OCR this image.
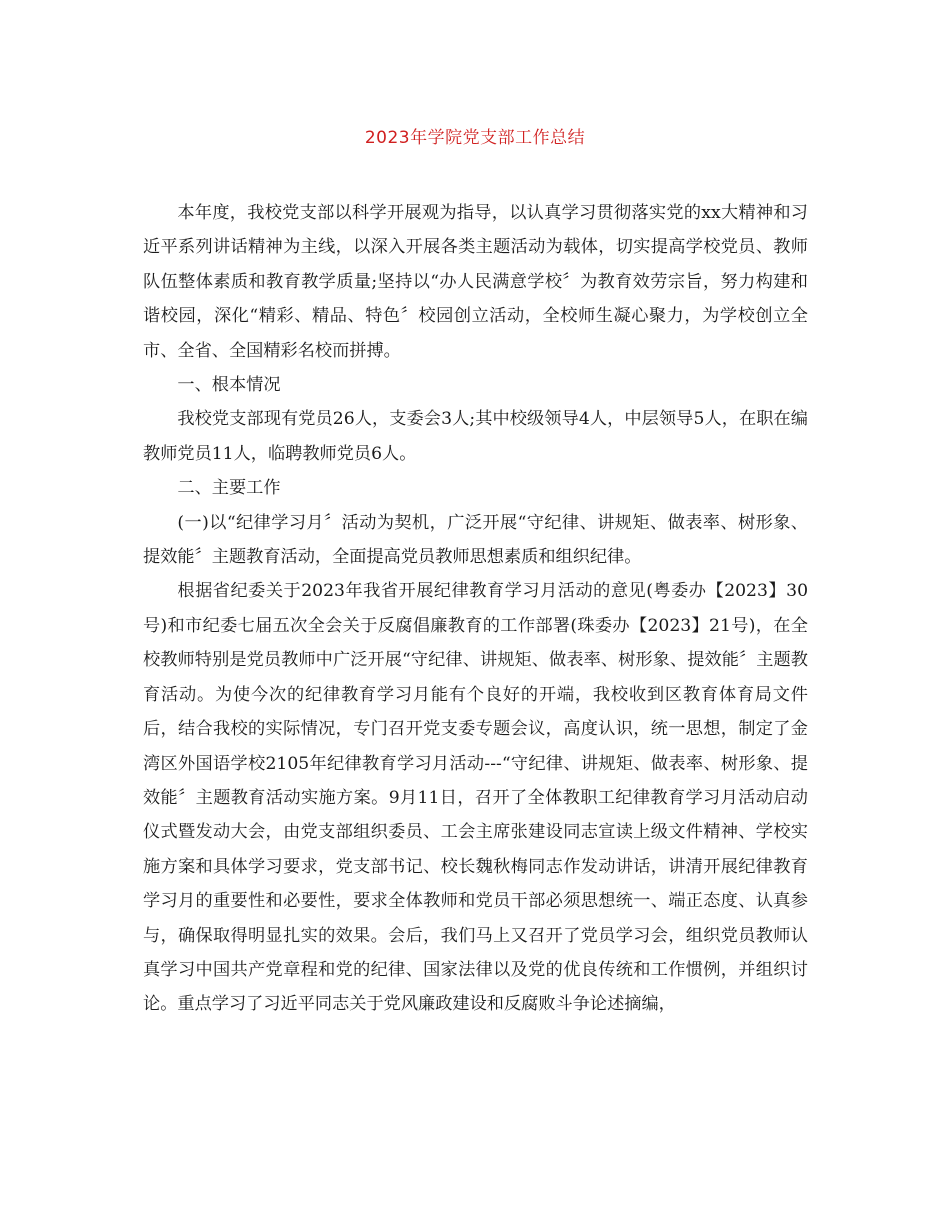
2023年学院党支部工作总结

本年度，我校党支部以科学开展观为指导，以认真学习贯彻落实党的xx大精神和习近平系列讲话精神为主线，以深入开展各类主题活动为载体，切实提高学校党员、教师队伍整体素质和教育教学质量;坚持以“办人民满意学校〞为教育效劳宗旨，努力构建和谐校园，深化“精彩、精品、特色〞校园创立活动，全校师生凝心聚力，为学校创立全市、全省、全国精彩名校而拼搏。

一、根本情况

我校党支部现有党员26人，支委会3人;其中校级领导4人，中层领导5人，在职在编教师党员11人，临聘教师党员6人。

二、主要工作

(一)以“纪律学习月〞活动为契机，广泛开展“守纪律、讲规矩、做表率、树形象、提效能〞主题教育活动，全面提高党员教师思想素质和组织纪律。

根据省纪委关于2023年我省开展纪律教育学习月活动的意见(粤委办【2023】30号)和市纪委七届五次全会关于反腐倡廉教育的工作部署(珠委办【2023】21号)，在全校教师特别是党员教师中广泛开展“守纪律、讲规矩、做表率、树形象、提效能〞主题教育活动。为使今次的纪律教育学习月能有个良好的开端，我校收到区教育体育局文件后，结合我校的实际情况，专门召开党支委专题会议，高度认识，统一思想，制定了金湾区外国语学校2105年纪律教育学习月活动---“守纪律、讲规矩、做表率、树形象、提效能〞主题教育活动实施方案。9月11日，召开了全体教职工纪律教育学习月活动启动仪式暨发动大会，由党支部组织委员、工会主席张建设同志宣读上级文件精神、学校实施方案和具体学习要求，党支部书记、校长魏秋梅同志作发动讲话，讲清开展纪律教育学习月的重要性和必要性，要求全体教师和党员干部必须思想统一、端正态度、认真参与，确保取得明显扎实的效果。会后，我们马上又召开了党员学习会，组织党员教师认真学习中国共产党章程和党的纪律、国家法律以及党的优良传统和工作惯例，并组织讨论。重点学习了习近平同志关于党风廉政建设和反腐败斗争论述摘编，
